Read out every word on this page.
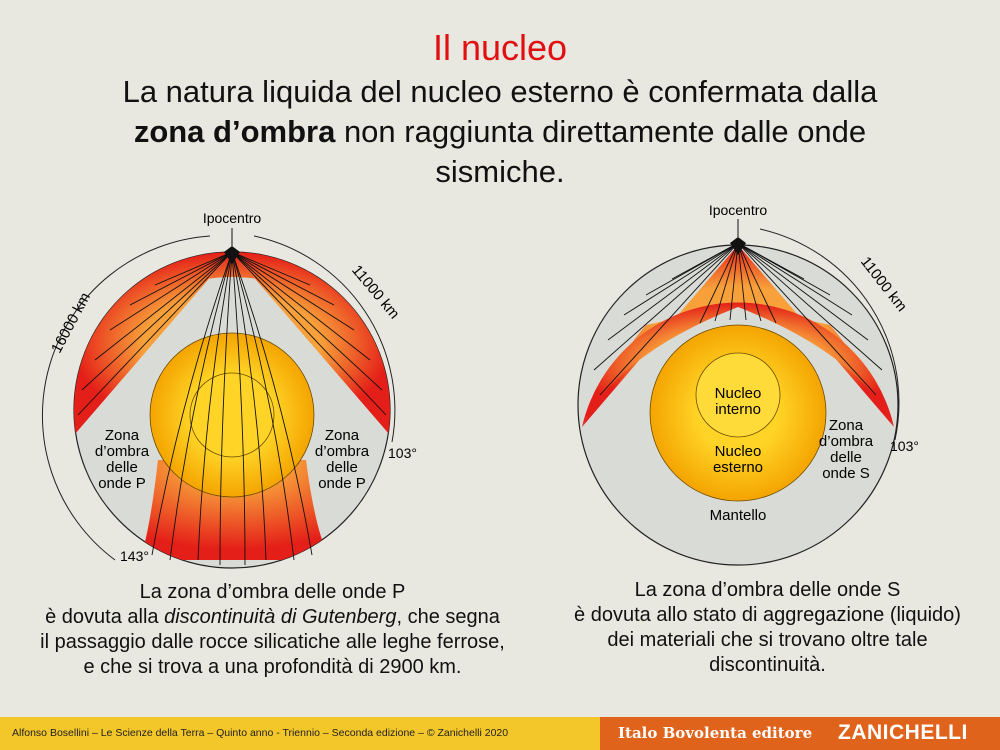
Il nucleo
La natura liquida del nucleo esterno è confermata dalla zona d’ombra non raggiunta direttamente dalle onde sismiche.
Ipocentro
16000 km	11000 km
103°
143°
Zona
d’ombra
delle
onde P
Zona
d’ombra
delle
onde P
Ipocentro
11000 km
103°
Nucleo
interno
Nucleo
esterno
Zona
d’ombra
delle
onde S
Mantello
La zona d’ombra delle onde P
è dovuta alla discontinuità di Gutenberg, che segna
il passaggio dalle rocce silicatiche alle leghe ferrose,
e che si trova a una profondità di 2900 km.
La zona d’ombra delle onde S
è dovuta allo stato di aggregazione (liquido)
dei materiali che si trovano oltre tale
discontinuità.
Alfonso Bosellini – Le Scienze della Terra – Quinto anno - Triennio – Seconda edizione – © Zanichelli 2020	Italo Bovolenta editore ZANICHELLI
